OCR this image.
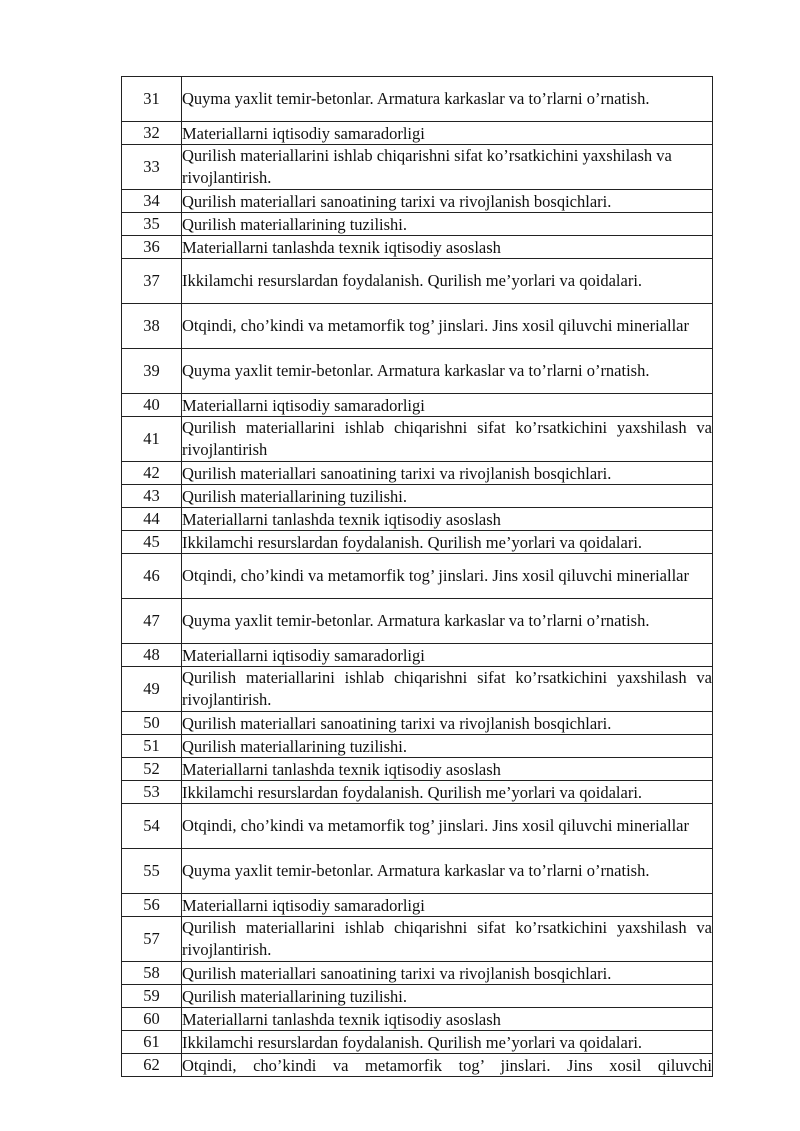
31	Quyma yaxlit temir-betonlar. Armatura karkaslar va to’rlarni o’rnatish.

32	Materiallarni iqtisodiy samaradorligi

33	Qurilish materiallarini ishlab chiqarishni sifat ko’rsatkichini yaxshilash va rivojlantirish.

34	Qurilish materiallari sanoatining tarixi va rivojlanish bosqichlari.

35	Qurilish materiallarining tuzilishi.

36	Materiallarni tanlashda texnik iqtisodiy asoslash

37	Ikkilamchi resurslardan foydalanish. Qurilish me’yorlari va qoidalari.

38	Otqindi, cho’kindi va metamorfik tog’ jinslari. Jins xosil qiluvchi mineriallar

39	Quyma yaxlit temir-betonlar. Armatura karkaslar va to’rlarni o’rnatish.

40	Materiallarni iqtisodiy samaradorligi

41	Qurilish materiallarini ishlab chiqarishni sifat ko’rsatkichini yaxshilash va rivojlantirish

42	Qurilish materiallari sanoatining tarixi va rivojlanish bosqichlari.

43	Qurilish materiallarining tuzilishi.

44	Materiallarni tanlashda texnik iqtisodiy asoslash

45	Ikkilamchi resurslardan foydalanish. Qurilish me’yorlari va qoidalari.

46	Otqindi, cho’kindi va metamorfik tog’ jinslari. Jins xosil qiluvchi mineriallar

47	Quyma yaxlit temir-betonlar. Armatura karkaslar va to’rlarni o’rnatish.

48	Materiallarni iqtisodiy samaradorligi

49	Qurilish materiallarini ishlab chiqarishni sifat ko’rsatkichini yaxshilash va rivojlantirish.

50	Qurilish materiallari sanoatining tarixi va rivojlanish bosqichlari.

51	Qurilish materiallarining tuzilishi.

52	Materiallarni tanlashda texnik iqtisodiy asoslash

53	Ikkilamchi resurslardan foydalanish. Qurilish me’yorlari va qoidalari.

54	Otqindi, cho’kindi va metamorfik tog’ jinslari. Jins xosil qiluvchi mineriallar

55	Quyma yaxlit temir-betonlar. Armatura karkaslar va to’rlarni o’rnatish.

56	Materiallarni iqtisodiy samaradorligi

57	Qurilish materiallarini ishlab chiqarishni sifat ko’rsatkichini yaxshilash va rivojlantirish.

58	Qurilish materiallari sanoatining tarixi va rivojlanish bosqichlari.

59	Qurilish materiallarining tuzilishi.

60	Materiallarni tanlashda texnik iqtisodiy asoslash

61	Ikkilamchi resurslardan foydalanish. Qurilish me’yorlari va qoidalari.

62	Otqindi, cho’kindi va metamorfik tog’ jinslari. Jins xosil qiluvchi
